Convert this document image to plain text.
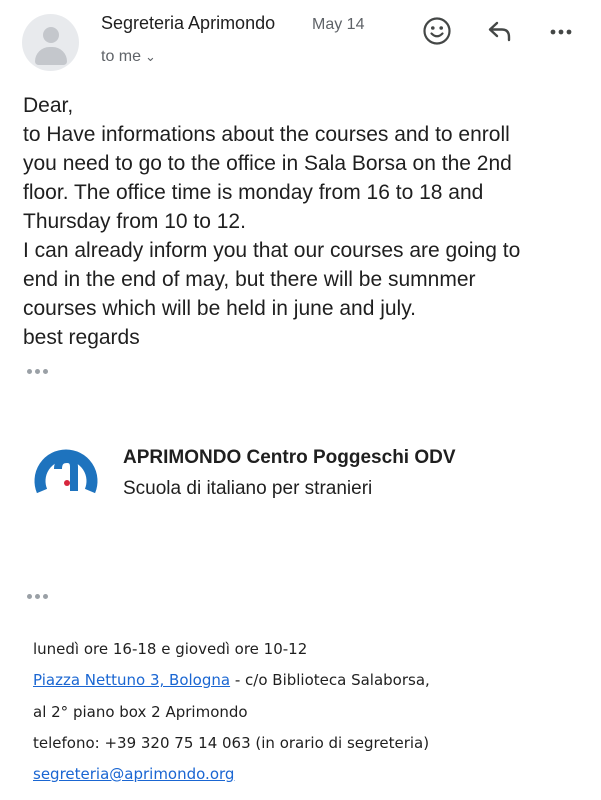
Segreteria Aprimondo May 14
to me ⌄

Dear,

to Have informations about the courses and to enroll

you need to go to the office in Sala Borsa on the 2nd

floor. The office time is monday from 16 to 18 and

Thursday from 10 to 12.

I can already inform you that our courses are going to

end in the end of may, but there will be sumnmer

courses which will be held in june and july.

best regards

APRIMONDO Centro Poggeschi ODV
Scuola di italiano per stranieri
lunedì ore 16-18 e giovedì ore 10-12
Piazza Nettuno 3, Bologna - c/o Biblioteca Salaborsa,
al 2° piano box 2 Aprimondo
telefono: +39 320 75 14 063 (in orario di segreteria)
segreteria@aprimondo.org
